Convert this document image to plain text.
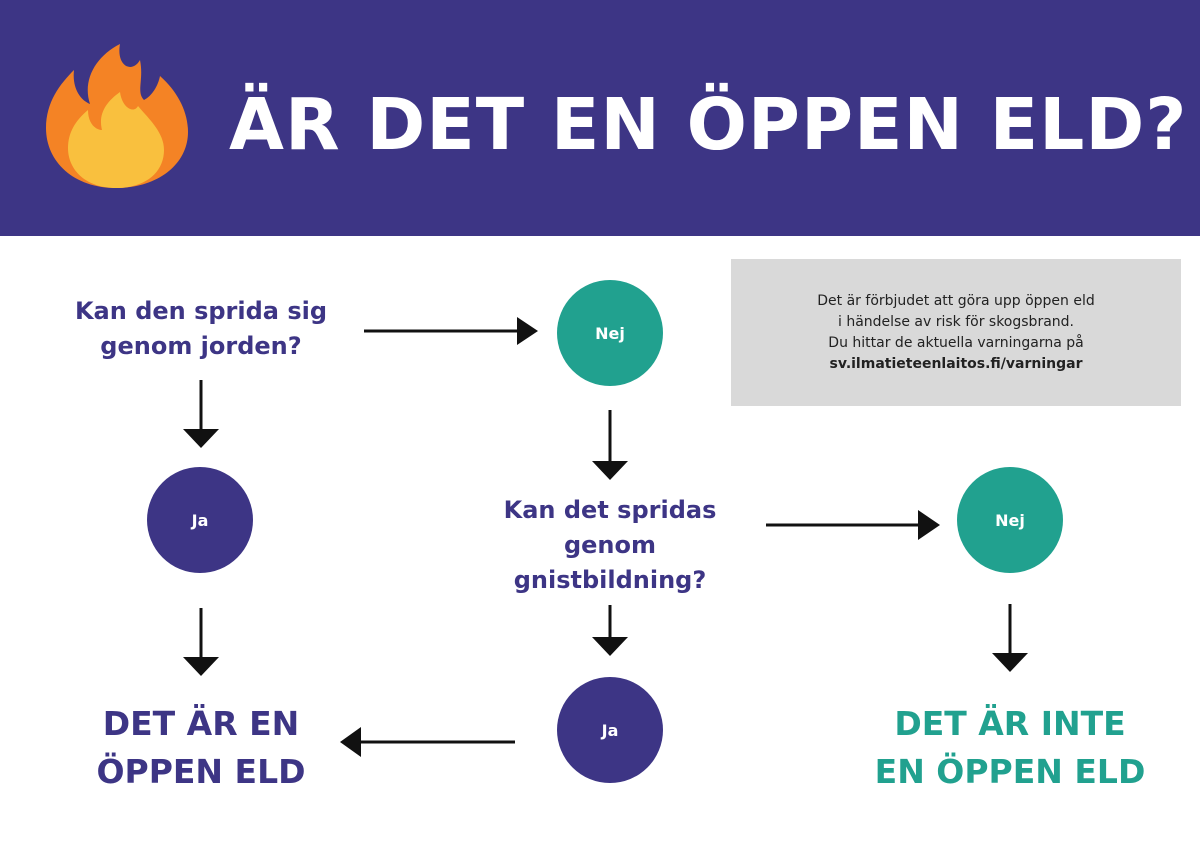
ÄR DET EN ÖPPEN ELD?
Det är förbjudet att göra upp öppen eld
i händelse av risk för skogsbrand.
Du hittar de aktuella varningarna på
sv.ilmatieteenlaitos.fi/varningar
Kan den sprida sig
genom jorden?
Kan det spridas
genom
gnistbildning?
Nej
Ja	Nej
Ja
DET ÄR EN
ÖPPEN ELD
DET ÄR INTE
EN ÖPPEN ELD
